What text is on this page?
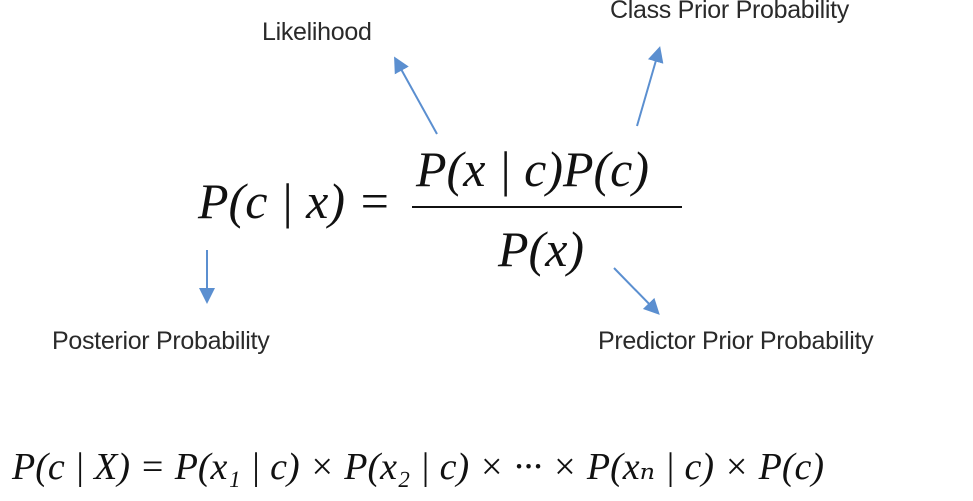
Likelihood
Class Prior Probability
Posterior Probability	Predictor Prior Probability
P(c | x) =
P(x | c)P(c)
P(x)
P(c | X) = P(x₁ | c) × P(x₂ | c) × ··· × P(xₙ | c) × P(c)
